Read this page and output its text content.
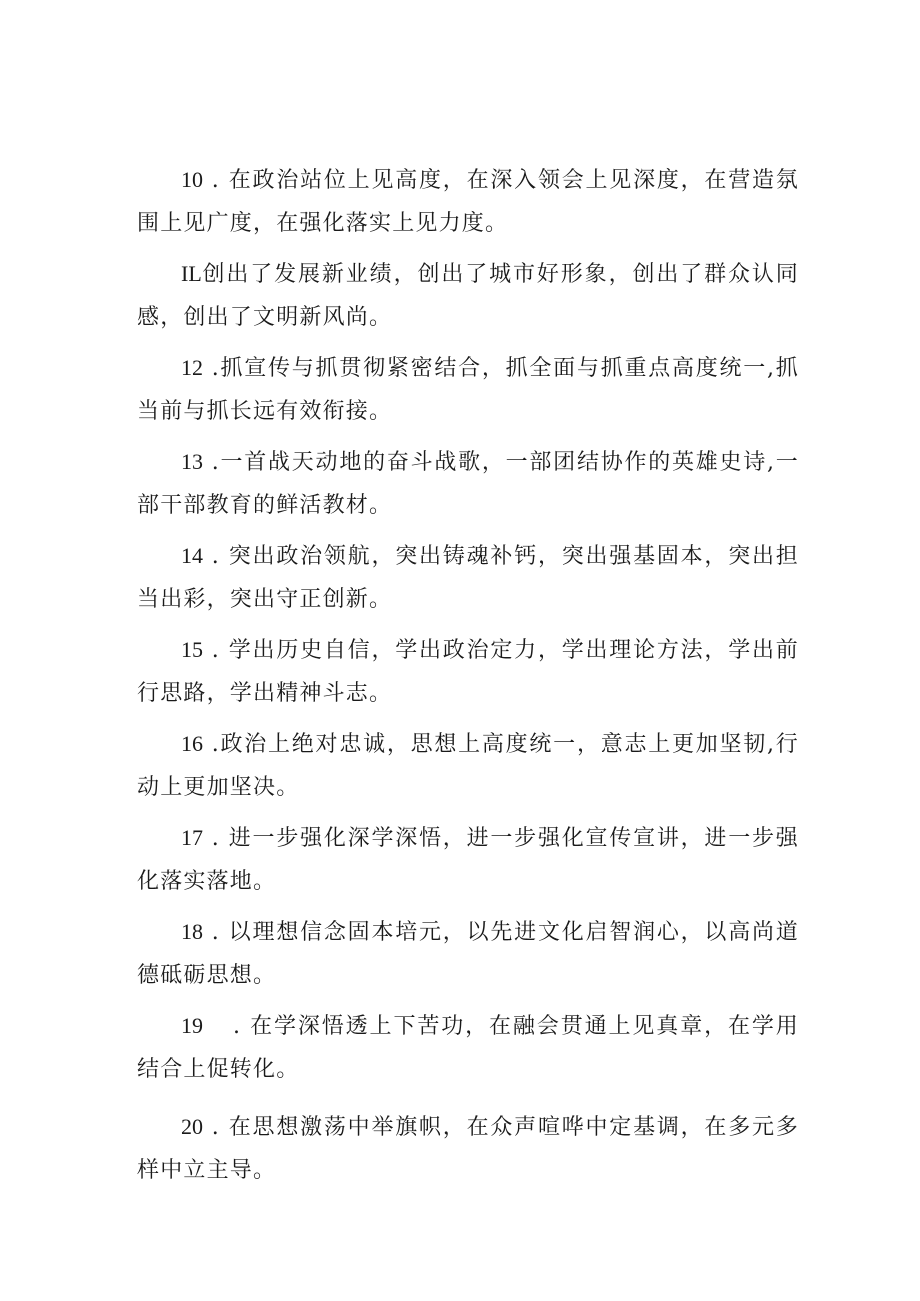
10 . 在政治站位上见高度，在深入领会上见深度，在营造氛围上见广度，在强化落实上见力度。

IL创出了发展新业绩，创出了城市好形象，创出了群众认同感，创出了文明新风尚。

12 .抓宣传与抓贯彻紧密结合，抓全面与抓重点高度统一,抓当前与抓长远有效衔接。

13 .一首战天动地的奋斗战歌，一部团结协作的英雄史诗,一部干部教育的鲜活教材。

14 . 突出政治领航，突出铸魂补钙，突出强基固本，突出担当出彩，突出守正创新。

15 . 学出历史自信，学出政治定力，学出理论方法，学出前行思路，学出精神斗志。

16 .政治上绝对忠诚，思想上高度统一，意志上更加坚韧,行动上更加坚决。

17 . 进一步强化深学深悟，进一步强化宣传宣讲，进一步强化落实落地。

18 . 以理想信念固本培元，以先进文化启智润心，以高尚道德砥砺思想。

19 . 在学深悟透上下苦功，在融会贯通上见真章，在学用结合上促转化。

20 . 在思想激荡中举旗帜，在众声喧哗中定基调，在多元多样中立主导。
